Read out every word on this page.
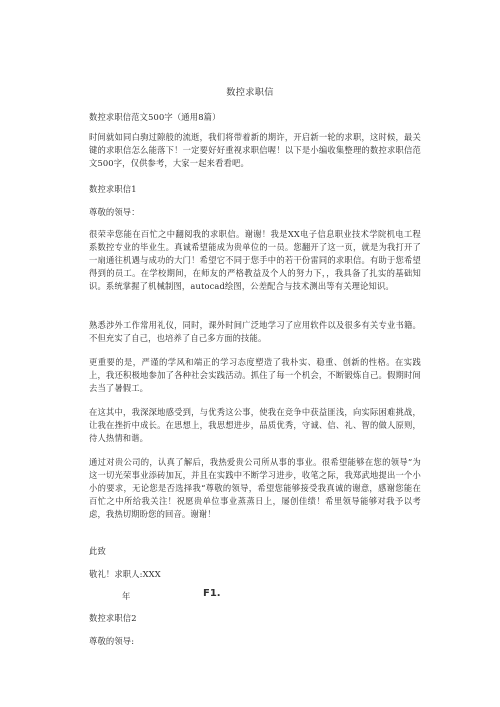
数控求职信
数控求职信范文500字（通用8篇）

时间就如同白驹过隙般的流逝，我们将带着新的期许，开启新一轮的求职，这时候，最关键的求职信怎么能落下！一定要好好重视求职信喔！以下是小编收集整理的数控求职信范文500字，仅供参考，大家一起来看看吧。

数控求职信1
尊敬的领导：

很荣幸您能在百忙之中翻阅我的求职信。谢谢！我是XX电子信息职业技术学院机电工程系数控专业的毕业生。真诚希望能成为贵单位的一员。您翻开了这一页，就是为我打开了一扇通往机遇与成功的大门！希望它不同于您手中的若干份雷同的求职信。有助于您希望得到的员工。在学校期间，在师友的严格教益及个人的努力下，，我具备了扎实的基础知识。系统掌握了机械制图，autocad绘图，公差配合与技术测出等有关理论知识。

熟悉涉外工作常用礼仪，同时，课外时间广泛地学习了应用软件以及很多有关专业书籍。不但充实了自己，也培养了自己多方面的技能。

更重要的是，严谨的学风和端正的学习态度塑造了我朴实、稳重、创新的性格。在实践上，我还积极地参加了各种社会实践活动。抓住了每一个机会，不断锻炼自己。假期时间去当了暑假工。

在这其中，我深深地感受到，与优秀这公事，使我在竞争中获益匪浅，向实际困难挑战，让我在挫折中成长。在思想上，我思想进步，品质优秀，守诚、信、礼、智的做人原则，待人热情和谐。

通过对贵公司的，认真了解后，我热爱贵公司所从事的事业。很希望能够在您的领导”为这一切光荣事业添砖加瓦，并且在实践中不断学习进步，收笔之际，我郑武地提出一个小小的要求，无论您是否选择我“尊敬的领导，希望您能够接受我真诚的谢意，感谢您能在百忙之中所给我关注！祝愿贵单位事业蒸蒸日上，屡创佳绩！希里领导能够对我予以考虑，我热切期盼您的回音。谢谢！

此致
敬礼！求职人:XXX
年	F1.
数控求职信2
尊敬的领导:
